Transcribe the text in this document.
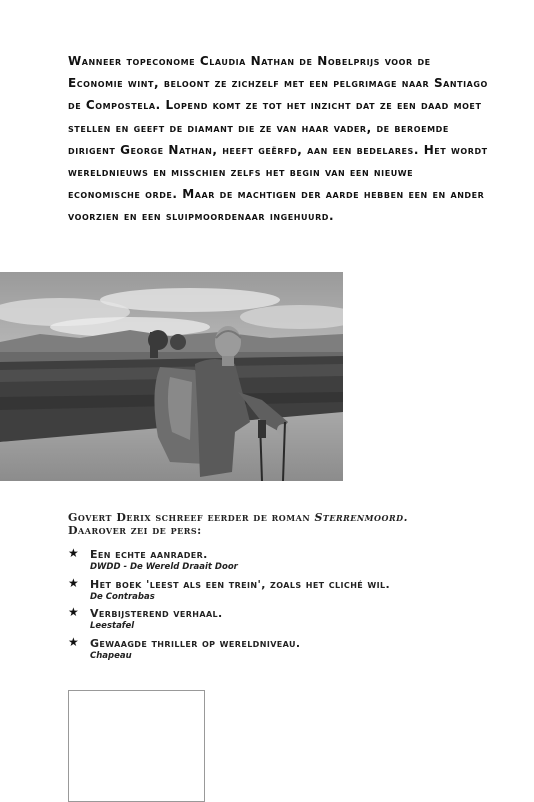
Wanneer topeconome Claudia Nathan de Nobelprijs voor de Economie wint, beloont ze zichzelf met een pelgrimage naar Santiago de Compostela. Lopend komt ze tot het inzicht dat ze een daad moet stellen en geeft de diamant die ze van haar vader, de beroemde dirigent George Nathan, heeft geërfd, aan een bedelares. Het wordt wereldnieuws en misschien zelfs het begin van een nieuwe economische orde. Maar de machtigen der aarde hebben een en ander voorzien en een sluipmoordenaar ingehuurd.

Govert Derix schreef eerder de roman Sterrenmoord.
Daarover zei de pers:

★ Een echte aanrader.
DWDD - De Wereld Draait Door
★ Het boek 'leest als een trein', zoals het cliché wil.
De Contrabas
★ Verbijsterend verhaal.
Leestafel
★ Gewaagde thriller op wereldniveau.
Chapeau
